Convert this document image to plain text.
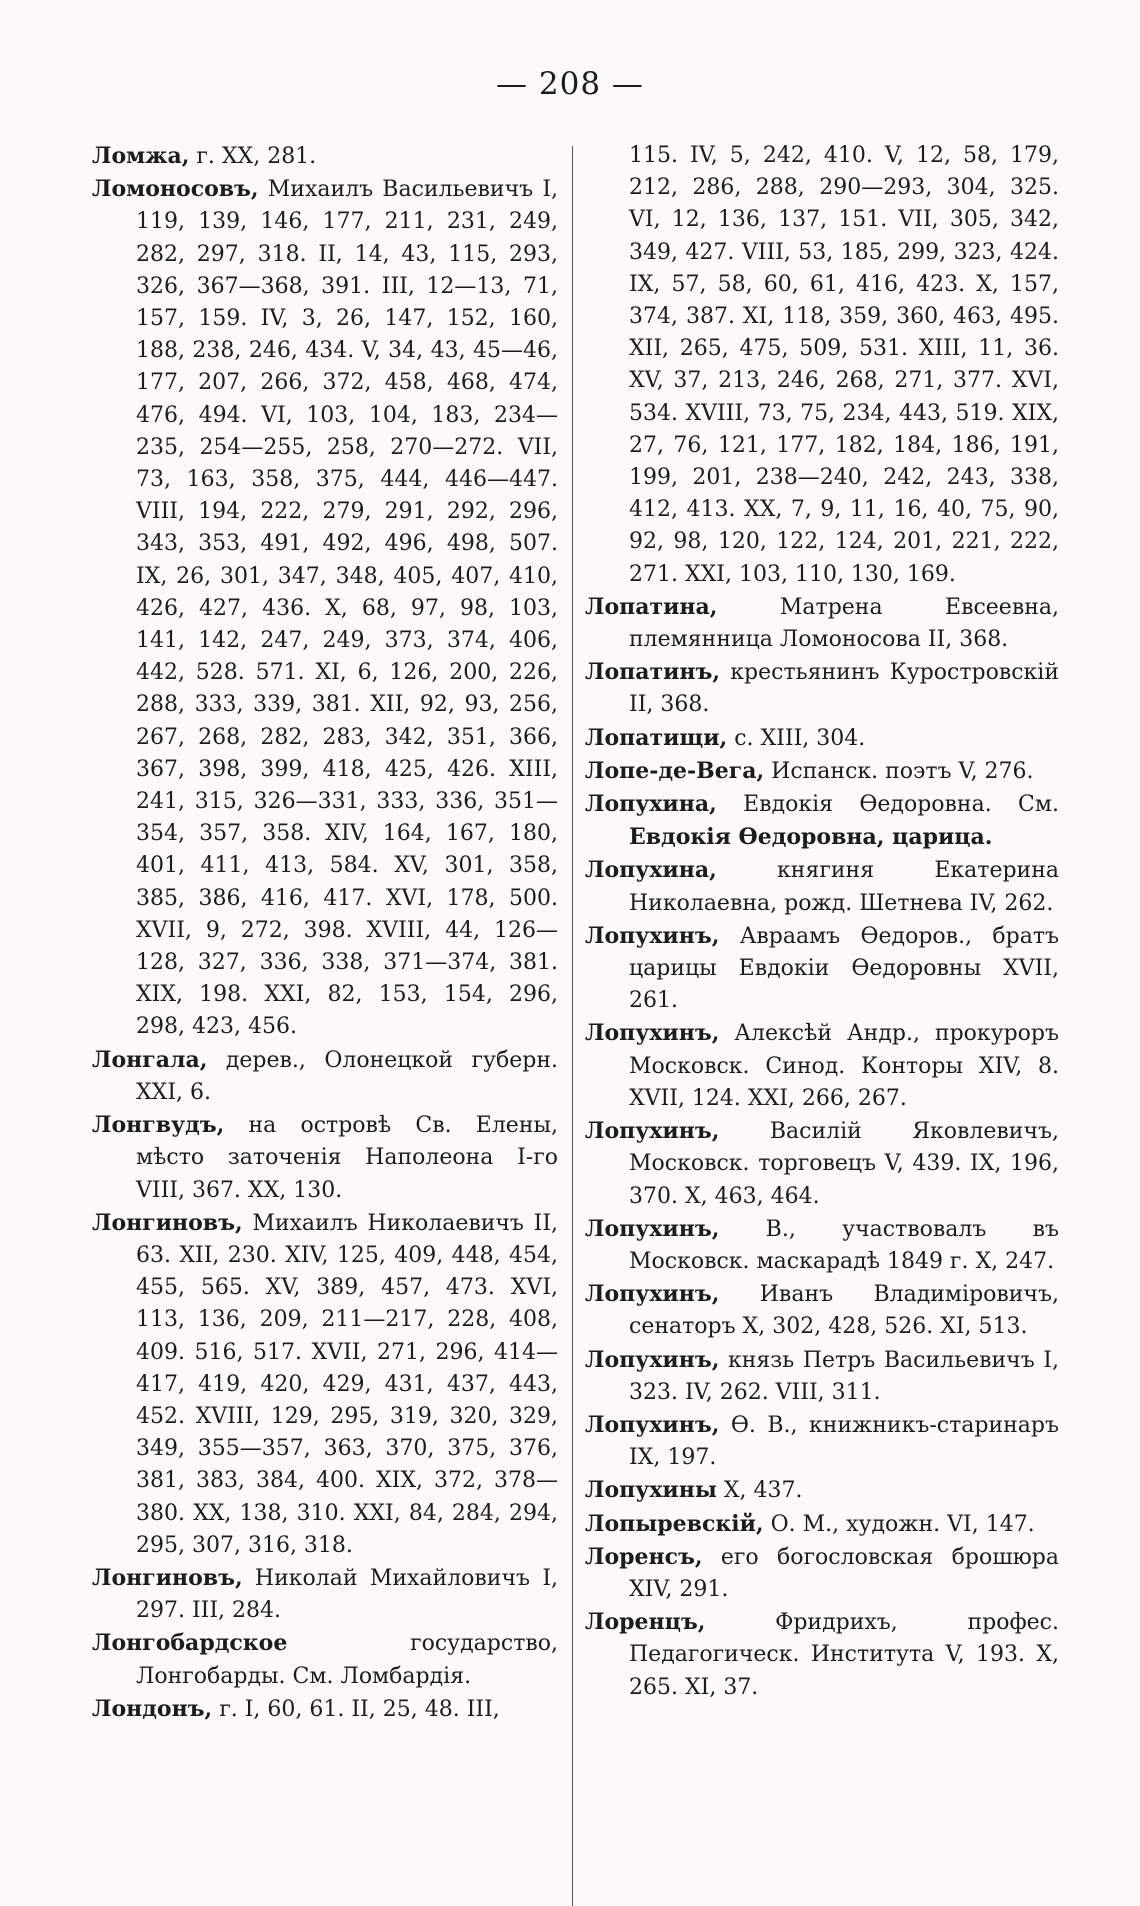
— 208 —

Ломжа, г. XX, 281.

Ломоносовъ, Михаилъ Васильевичъ I, 119, 139, 146, 177, 211, 231, 249, 282, 297, 318. II, 14, 43, 115, 293, 326, 367—368, 391. III, 12—13, 71, 157, 159. IV, 3, 26, 147, 152, 160, 188, 238, 246, 434. V, 34, 43, 45—46, 177, 207, 266, 372, 458, 468, 474, 476, 494. VI, 103, 104, 183, 234—235, 254—255, 258, 270—272. VII, 73, 163, 358, 375, 444, 446—447. VIII, 194, 222, 279, 291, 292, 296, 343, 353, 491, 492, 496, 498, 507. IX, 26, 301, 347, 348, 405, 407, 410, 426, 427, 436. X, 68, 97, 98, 103, 141, 142, 247, 249, 373, 374, 406, 442, 528. 571. XI, 6, 126, 200, 226, 288, 333, 339, 381. XII, 92, 93, 256, 267, 268, 282, 283, 342, 351, 366, 367, 398, 399, 418, 425, 426. XIII, 241, 315, 326—331, 333, 336, 351—354, 357, 358. XIV, 164, 167, 180, 401, 411, 413, 584. XV, 301, 358, 385, 386, 416, 417. XVI, 178, 500. XVII, 9, 272, 398. XVIII, 44, 126—128, 327, 336, 338, 371—374, 381. XIX, 198. XXI, 82, 153, 154, 296, 298, 423, 456.

Лонгала, дерев., Олонецкой губерн. XXI, 6.

Лонгвудъ, на островѣ Св. Елены, мѣсто заточенія Наполеона I-го VIII, 367. XX, 130.

Лонгиновъ, Михаилъ Николаевичъ II, 63. XII, 230. XIV, 125, 409, 448, 454, 455, 565. XV, 389, 457, 473. XVI, 113, 136, 209, 211—217, 228, 408, 409. 516, 517. XVII, 271, 296, 414—417, 419, 420, 429, 431, 437, 443, 452. XVIII, 129, 295, 319, 320, 329, 349, 355—357, 363, 370, 375, 376, 381, 383, 384, 400. XIX, 372, 378—380. XX, 138, 310. XXI, 84, 284, 294, 295, 307, 316, 318.

Лонгиновъ, Николай Михайловичъ I, 297. III, 284.

Лонгобардское государство, Лонгобарды. См. Ломбардія.

Лондонъ, г. I, 60, 61. II, 25, 48. III,

115. IV, 5, 242, 410. V, 12, 58, 179, 212, 286, 288, 290—293, 304, 325. VI, 12, 136, 137, 151. VII, 305, 342, 349, 427. VIII, 53, 185, 299, 323, 424. IX, 57, 58, 60, 61, 416, 423. X, 157, 374, 387. XI, 118, 359, 360, 463, 495. XII, 265, 475, 509, 531. XIII, 11, 36. XV, 37, 213, 246, 268, 271, 377. XVI, 534. XVIII, 73, 75, 234, 443, 519. XIX, 27, 76, 121, 177, 182, 184, 186, 191, 199, 201, 238—240, 242, 243, 338, 412, 413. XX, 7, 9, 11, 16, 40, 75, 90, 92, 98, 120, 122, 124, 201, 221, 222, 271. XXI, 103, 110, 130, 169.

Лопатина, Матрена Евсеевна, племянница Ломоносова II, 368.

Лопатинъ, крестьянинъ Куростровскій II, 368.

Лопатищи, с. XIII, 304.

Лопе-де-Вега, Испанск. поэтъ V, 276.

Лопухина, Евдокія Ѳедоровна. См. Евдокія Ѳедоровна, царица.

Лопухина, княгиня Екатерина Николаевна, рожд. Шетнева IV, 262.

Лопухинъ, Авраамъ Ѳедоров., братъ царицы Евдокіи Ѳедоровны XVII, 261.

Лопухинъ, Алексѣй Андр., прокуроръ Московск. Синод. Конторы XIV, 8. XVII, 124. XXI, 266, 267.

Лопухинъ, Василій Яковлевичъ, Московск. торговецъ V, 439. IX, 196, 370. X, 463, 464.

Лопухинъ, В., участвовалъ въ Московск. маскарадѣ 1849 г. X, 247.

Лопухинъ, Иванъ Владиміровичъ, сенаторъ X, 302, 428, 526. XI, 513.

Лопухинъ, князь Петръ Васильевичъ I, 323. IV, 262. VIII, 311.

Лопухинъ, Ѳ. В., книжникъ-старинаръ IX, 197.

Лопухины X, 437.

Лопыревскій, О. М., художн. VI, 147.

Лоренсъ, его богословская брошюра XIV, 291.

Лоренцъ, Фридрихъ, профес. Педагогическ. Института V, 193. X, 265. XI, 37.
